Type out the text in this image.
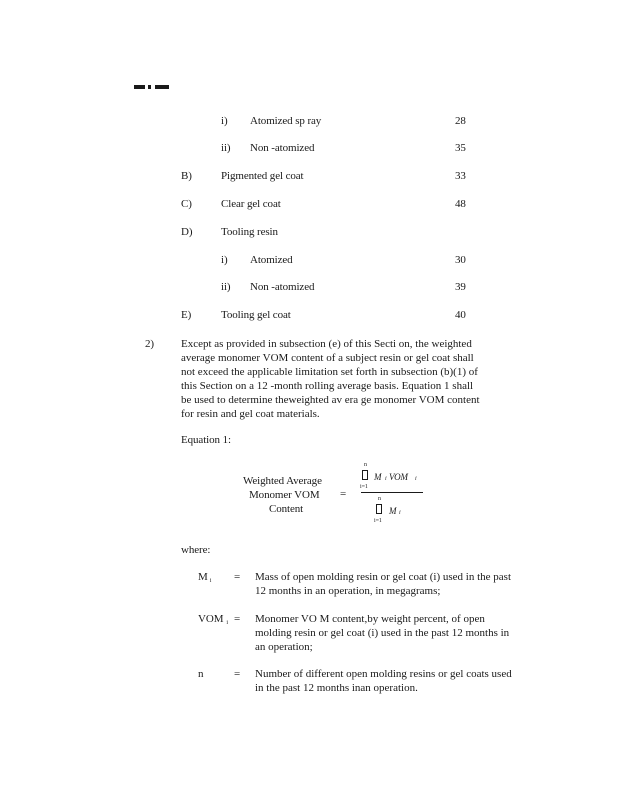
i) Atomized sp ray	28
ii) Non -atomized	35
B)	Pigmented gel coat	33
C)	Clear gel coat	48
D)	Tooling resin
i) Atomized	30
ii) Non -atomized	39
E)	Tooling gel coat	40
2) Except as provided in subsection (e) of this Secti on, the weighted
average monomer VOM content of a subject resin or gel coat shall
not exceed the applicable limitation set forth in subsection (b)(1) of
this Section on a 12 -month rolling average basis. Equation 1 shall
be used to determine theweighted av era ge monomer VOM content
for resin and gel coat materials.
Equation 1:
Weighted Average
Monomer VOM
Content
=
n
i=1
M i VOM i
n
i=1
M i
where:
Mi = Mass of open molding resin or gel coat (i) used in the past
12 months in an operation, in megagrams;
VOM i = Monomer VO M content,by weight percent, of open
molding resin or gel coat (i) used in the past 12 months in
an operation;
n	= Number of different open molding resins or gel coats used
in the past 12 months inan operation.
